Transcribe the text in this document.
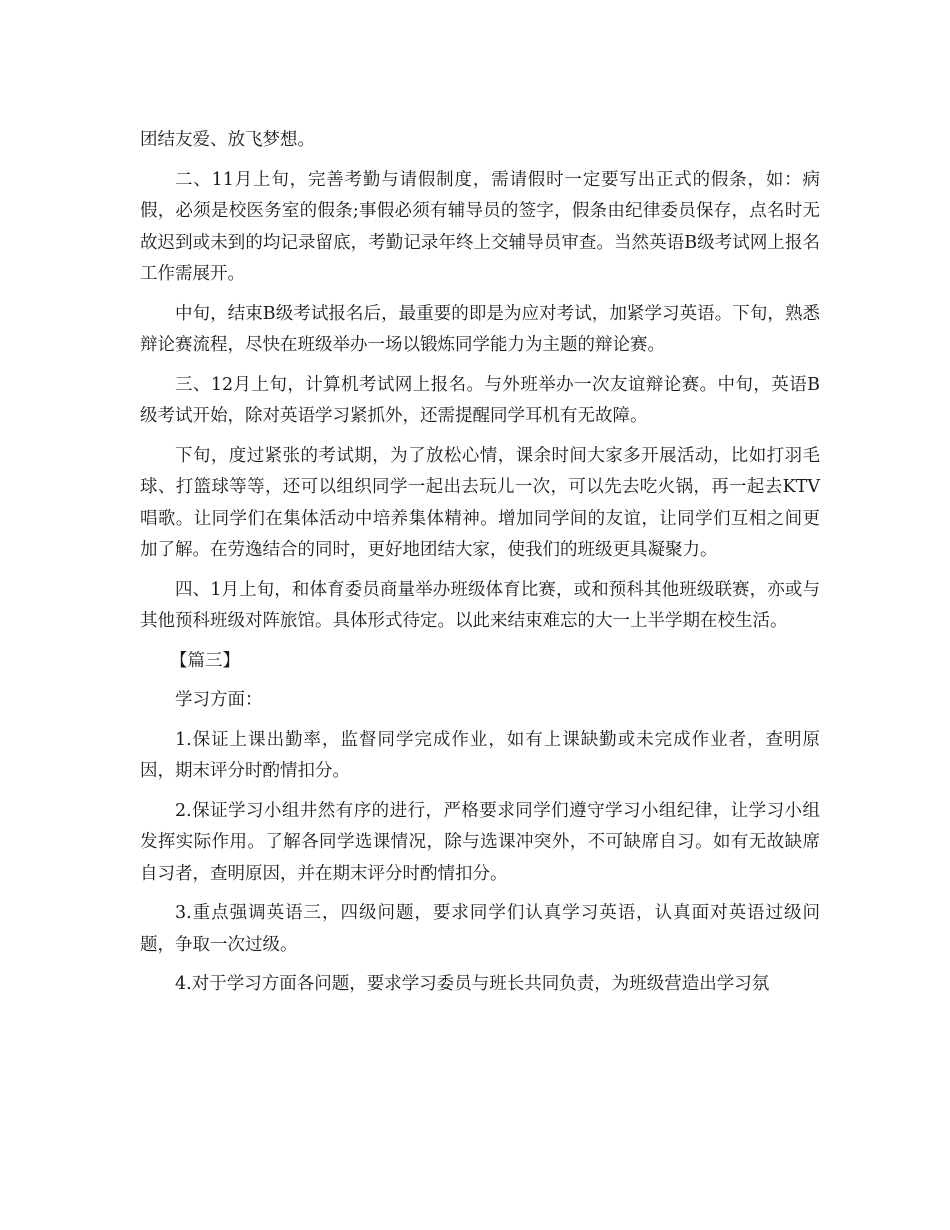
团结友爱、放飞梦想。

二、11月上旬，完善考勤与请假制度，需请假时一定要写出正式的假条，如：病假，必须是校医务室的假条;事假必须有辅导员的签字，假条由纪律委员保存，点名时无故迟到或未到的均记录留底，考勤记录年终上交辅导员审查。当然英语B级考试网上报名工作需展开。

中旬，结束B级考试报名后，最重要的即是为应对考试，加紧学习英语。下旬，熟悉辩论赛流程，尽快在班级举办一场以锻炼同学能力为主题的辩论赛。

三、12月上旬，计算机考试网上报名。与外班举办一次友谊辩论赛。中旬，英语B级考试开始，除对英语学习紧抓外，还需提醒同学耳机有无故障。

下旬，度过紧张的考试期，为了放松心情，课余时间大家多开展活动，比如打羽毛球、打篮球等等，还可以组织同学一起出去玩儿一次，可以先去吃火锅，再一起去KTV唱歌。让同学们在集体活动中培养集体精神。增加同学间的友谊，让同学们互相之间更加了解。在劳逸结合的同时，更好地团结大家，使我们的班级更具凝聚力。

四、1月上旬，和体育委员商量举办班级体育比赛，或和预科其他班级联赛，亦或与其他预科班级对阵旅馆。具体形式待定。以此来结束难忘的大一上半学期在校生活。

【篇三】

学习方面：

1.保证上课出勤率，监督同学完成作业，如有上课缺勤或未完成作业者，查明原因，期末评分时酌情扣分。

2.保证学习小组井然有序的进行，严格要求同学们遵守学习小组纪律，让学习小组发挥实际作用。了解各同学选课情况，除与选课冲突外，不可缺席自习。如有无故缺席自习者，查明原因，并在期末评分时酌情扣分。

3.重点强调英语三，四级问题，要求同学们认真学习英语，认真面对英语过级问题，争取一次过级。

4.对于学习方面各问题，要求学习委员与班长共同负责，为班级营造出学习氛
